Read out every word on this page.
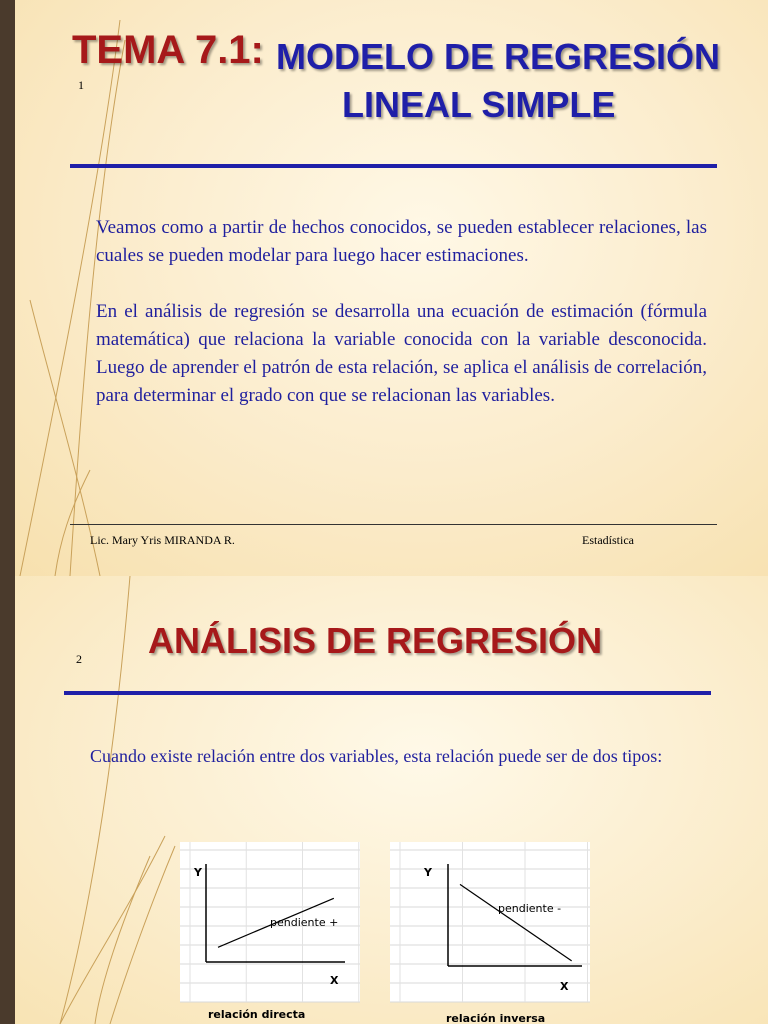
1
TEMA 7.1: MODELO DE REGRESIÓN
LINEAL SIMPLE

Veamos como a partir de hechos conocidos, se pueden establecer relaciones, las cuales se pueden modelar para luego hacer estimaciones.

En el análisis de regresión se desarrolla una ecuación de estimación (fórmula matemática) que relaciona la variable conocida con la variable desconocida. Luego de aprender el patrón de esta relación, se aplica el análisis de correlación, para determinar el grado con que se relacionan las variables.

Lic. Mary Yris MIRANDA R.	Estadística
2 ANÁLISIS DE REGRESIÓN
Cuando existe relación entre dos variables, esta relación puede ser de dos tipos:
Y
X
pendiente +
relación directa
Y
X
pendiente -
relación inversa
